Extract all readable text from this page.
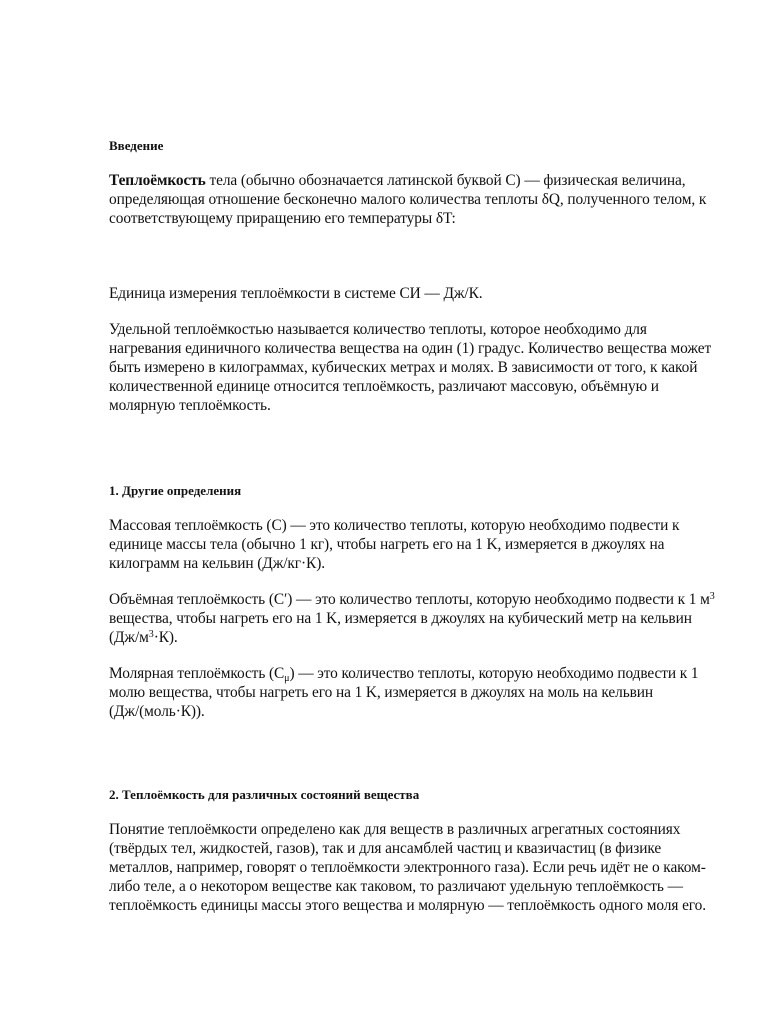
Введение

Теплоёмкость тела (обычно обозначается латинской буквой C) — физическая величина, определяющая отношение бесконечно малого количества теплоты δQ, полученного телом, к соответствующему приращению его температуры δT:

Единица измерения теплоёмкости в системе СИ — Дж/К.

Удельной теплоёмкостью называется количество теплоты, которое необходимо для нагревания единичного количества вещества на один (1) градус. Количество вещества может быть измерено в килограммах, кубических метрах и молях. В зависимости от того, к какой количественной единице относится теплоёмкость, различают массовую, объёмную и молярную теплоёмкость.

1. Другие определения

Массовая теплоёмкость (С) — это количество теплоты, которую необходимо подвести к единице массы тела (обычно 1 кг), чтобы нагреть его на 1 K, измеряется в джоулях на килограмм на кельвин (Дж/кг·К).

Объёмная теплоёмкость (С′) — это количество теплоты, которую необходимо подвести к 1 $м^3$ вещества, чтобы нагреть его на 1 K, измеряется в джоулях на кубический метр на кельвин $(Дж/м^3\cdot К)$.

Молярная теплоёмкость $(C_\mu)$ — это количество теплоты, которую необходимо подвести к 1 молю вещества, чтобы нагреть его на 1 K, измеряется в джоулях на моль на кельвин (Дж/(моль·К)).

2. Теплоёмкость для различных состояний вещества

Понятие теплоёмкости определено как для веществ в различных агрегатных состояниях (твёрдых тел, жидкостей, газов), так и для ансамблей частиц и квазичастиц (в физике металлов, например, говорят о теплоёмкости электронного газа). Если речь идёт не о каком-либо теле, а о некотором веществе как таковом, то различают удельную теплоёмкость — теплоёмкость единицы массы этого вещества и молярную — теплоёмкость одного моля его.
